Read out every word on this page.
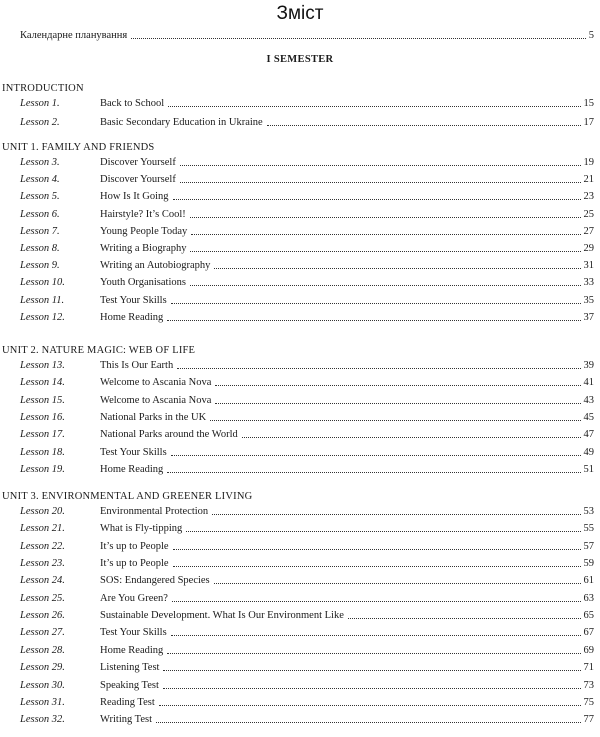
Зміст
Календарне планування	5
I SEMESTER
INTRODUCTION
Lesson 1.	Back to School	15
Lesson 2.	Basic Secondary Education in Ukraine	17
UNIT 1. FAMILY AND FRIENDS
Lesson 3.	Discover Yourself	19
Lesson 4.	Discover Yourself	21
Lesson 5.	How Is It Going	23
Lesson 6.	Hairstyle? It’s Cool!	25
Lesson 7.	Young People Today	27
Lesson 8.	Writing a Biography	29
Lesson 9.	Writing an Autobiography	31
Lesson 10.	Youth Organisations	33
Lesson 11.	Test Your Skills	35
Lesson 12.	Home Reading	37
UNIT 2. NATURE MAGIC: WEB OF LIFE
Lesson 13.	This Is Our Earth	39
Lesson 14.	Welcome to Ascania Nova	41
Lesson 15.	Welcome to Ascania Nova	43
Lesson 16.	National Parks in the UK	45
Lesson 17.	National Parks around the World	47
Lesson 18.	Test Your Skills	49
Lesson 19.	Home Reading	51
UNIT 3. ENVIRONMENTAL AND GREENER LIVING
Lesson 20.	Environmental Protection	53
Lesson 21.	What is Fly-tipping	55
Lesson 22.	It’s up to People	57
Lesson 23.	It’s up to People	59
Lesson 24.	SOS: Endangered Species	61
Lesson 25.	Are You Green?	63
Lesson 26.	Sustainable Development. What Is Our Environment Like	65
Lesson 27.	Test Your Skills	67
Lesson 28.	Home Reading	69
Lesson 29.	Listening Test	71
Lesson 30.	Speaking Test	73
Lesson 31.	Reading Test	75
Lesson 32.	Writing Test	77
